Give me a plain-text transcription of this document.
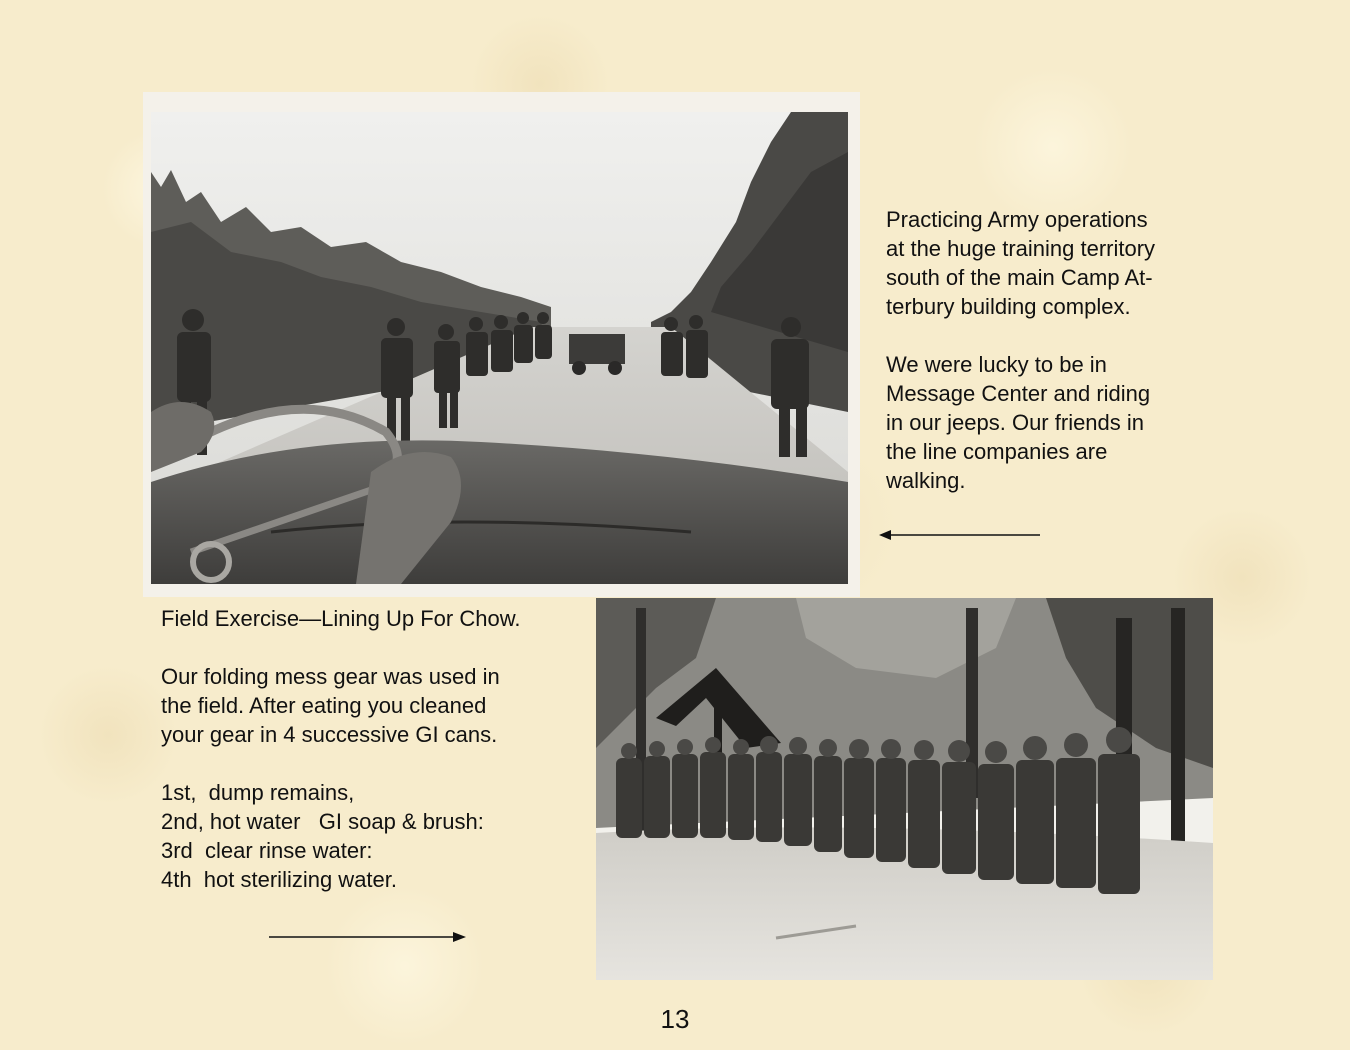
Practicing Army operations

at the huge training territory

south of the main Camp At-

terbury building complex.

We were lucky to be in

Message Center and riding

in our jeeps. Our friends in

the line companies are

walking.

Field Exercise—Lining Up For Chow.

Our folding mess gear was used in

the field. After eating you cleaned

your gear in 4 successive GI cans.

1st,  dump remains,

2nd, hot water   GI soap & brush:

3rd  clear rinse water:

4th  hot sterilizing water.

13
